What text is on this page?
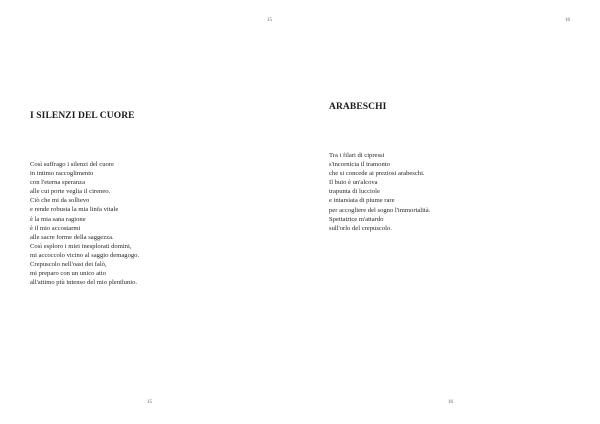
15
I SILENZI DEL CUORE
Così suffrago i silenzi del cuore
in intimo raccoglimento
con l'eterna speranza
alle cui porte veglia il cireneo.
Ciò che mi da sollievo
e rende robusta la mia linfa vitale
è la mia sana ragione
è il mio accostarmi
alle sacre forme della saggezza.
Così esploro i miei inesplorati domini,
mi accoccolo vicino al saggio demagogo.
Crepuscolo nell'oasi dei falò,
mi preparo con un unico atto
all'attimo più intenso del mio plenilunio.
15
16
ARABESCHI
Tra i filari di cipressi
s'incornicia il tramonto
che si concede ai preziosi arabeschi.
Il buio è un'alcova
trapunta di lucciole
e intarsiata di piume rare
per accogliere del sogno l'immortalità.
Spettatrice m'attardo
sull'orlo del crepuscolo.
16
